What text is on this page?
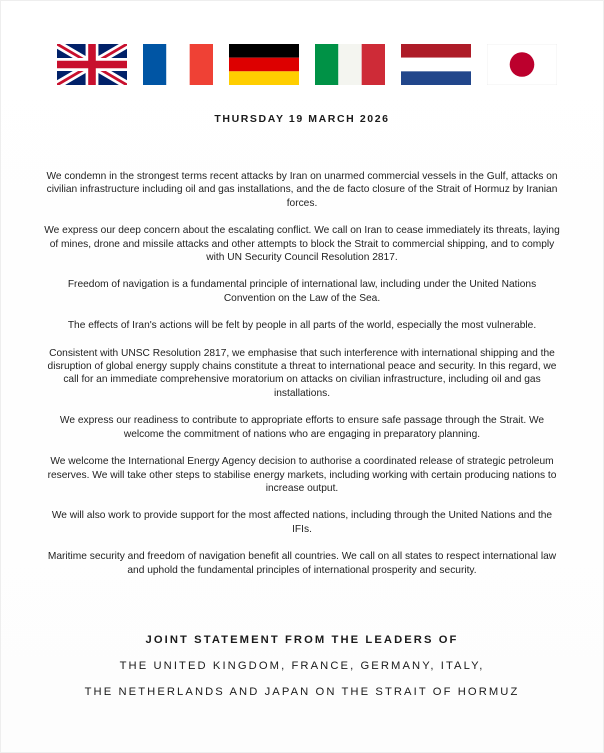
THURSDAY 19 MARCH 2026

We condemn in the strongest terms recent attacks by Iran on unarmed commercial vessels in the Gulf, attacks on civilian infrastructure including oil and gas installations, and the de facto closure of the Strait of Hormuz by Iranian forces.

We express our deep concern about the escalating conflict. We call on Iran to cease immediately its threats, laying of mines, drone and missile attacks and other attempts to block the Strait to commercial shipping, and to comply with UN Security Council Resolution 2817.

Freedom of navigation is a fundamental principle of international law, including under the United Nations Convention on the Law of the Sea.

The effects of Iran's actions will be felt by people in all parts of the world, especially the most vulnerable.

Consistent with UNSC Resolution 2817, we emphasise that such interference with international shipping and the disruption of global energy supply chains constitute a threat to international peace and security. In this regard, we call for an immediate comprehensive moratorium on attacks on civilian infrastructure, including oil and gas installations.

We express our readiness to contribute to appropriate efforts to ensure safe passage through the Strait. We welcome the commitment of nations who are engaging in preparatory planning.

We welcome the International Energy Agency decision to authorise a coordinated release of strategic petroleum reserves. We will take other steps to stabilise energy markets, including working with certain producing nations to increase output.

We will also work to provide support for the most affected nations, including through the United Nations and the IFIs.

Maritime security and freedom of navigation benefit all countries. We call on all states to respect international law and uphold the fundamental principles of international prosperity and security.

JOINT STATEMENT FROM THE LEADERS OF
THE UNITED KINGDOM, FRANCE, GERMANY, ITALY,
THE NETHERLANDS AND JAPAN ON THE STRAIT OF HORMUZ
